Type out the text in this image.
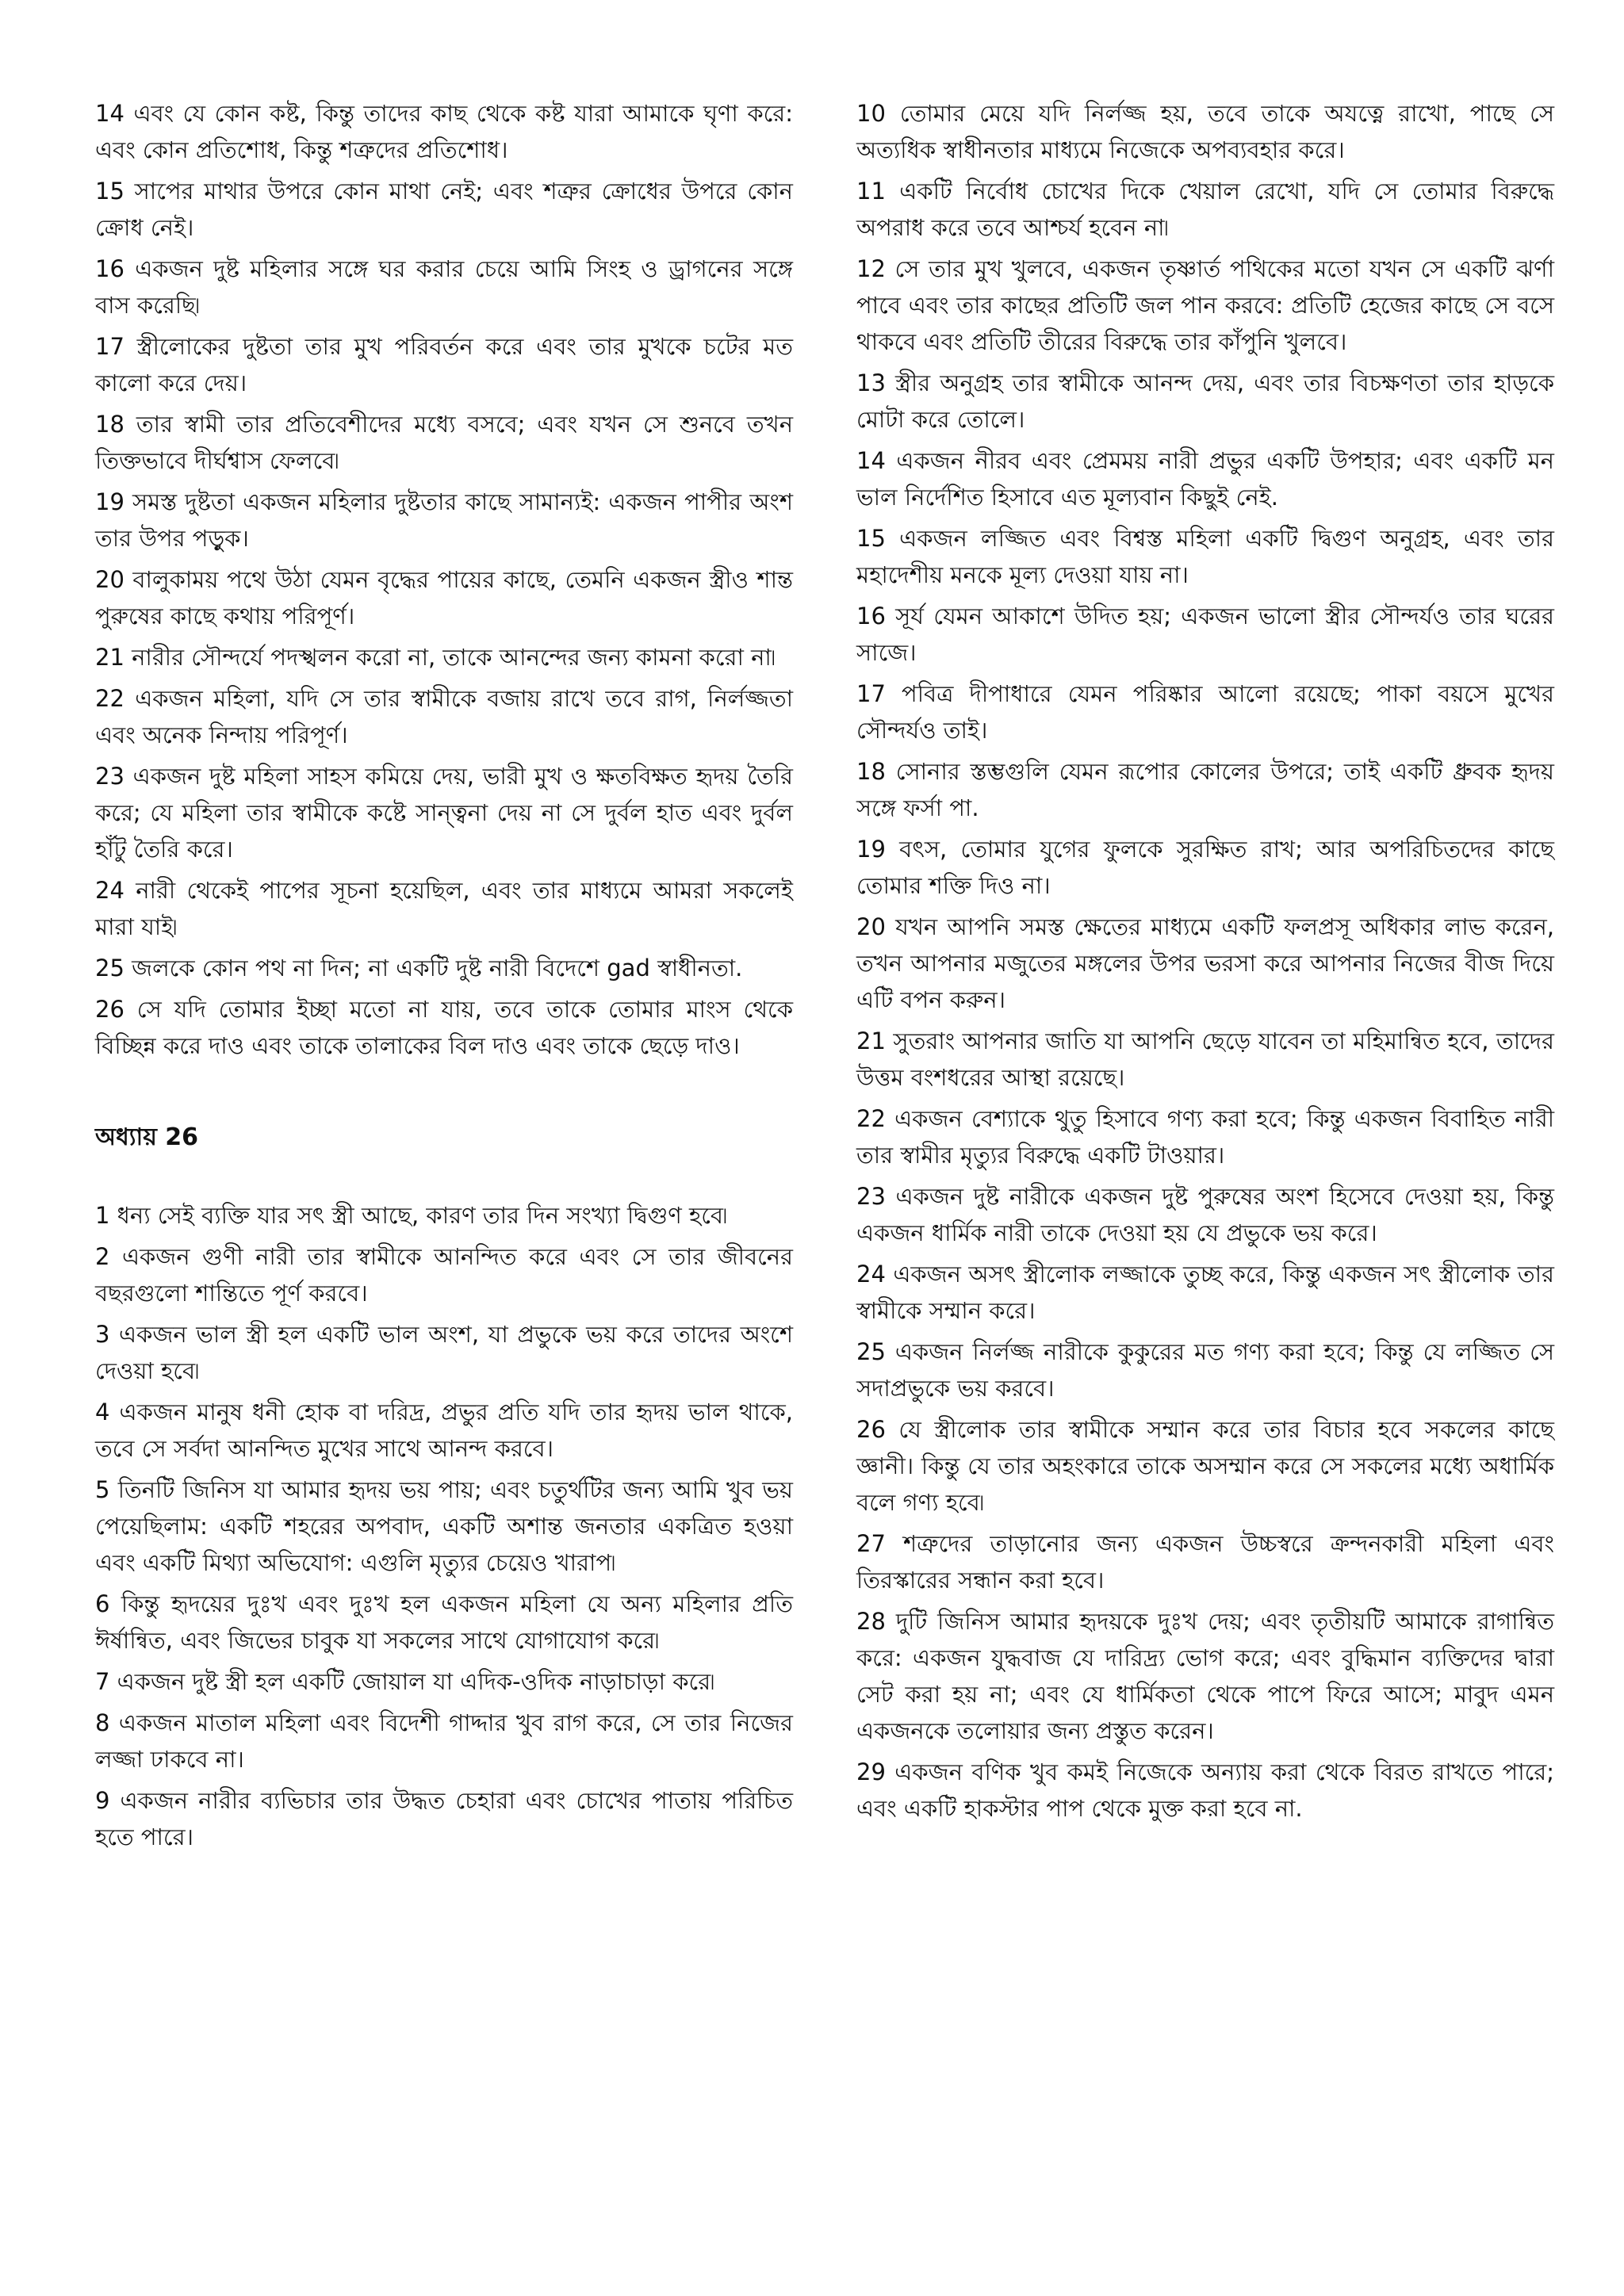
14 এবং যে কোন কষ্ট, কিন্তু তাদের কাছ থেকে কষ্ট যারা আমাকে ঘৃণা করে: এবং কোন প্রতিশোধ, কিন্তু শত্রুদের প্রতিশোধ।

15 সাপের মাথার উপরে কোন মাথা নেই; এবং শত্রুর ক্রোধের উপরে কোন ক্রোধ নেই।

16 একজন দুষ্ট মহিলার সঙ্গে ঘর করার চেয়ে আমি সিংহ ও ড্রাগনের সঙ্গে বাস করেছি৷

17 স্ত্রীলোকের দুষ্টতা তার মুখ পরিবর্তন করে এবং তার মুখকে চটের মত কালো করে দেয়।

18 তার স্বামী তার প্রতিবেশীদের মধ্যে বসবে; এবং যখন সে শুনবে তখন তিক্তভাবে দীর্ঘশ্বাস ফেলবে৷

19 সমস্ত দুষ্টতা একজন মহিলার দুষ্টতার কাছে সামান্যই: একজন পাপীর অংশ তার উপর পড়ুক।

20 বালুকাময় পথে উঠা যেমন বৃদ্ধের পায়ের কাছে, তেমনি একজন স্ত্রীও শান্ত পুরুষের কাছে কথায় পরিপূর্ণ।

21 নারীর সৌন্দর্যে পদস্খলন করো না, তাকে আনন্দের জন্য কামনা করো না৷

22 একজন মহিলা, যদি সে তার স্বামীকে বজায় রাখে তবে রাগ, নির্লজ্জতা এবং অনেক নিন্দায় পরিপূর্ণ।

23 একজন দুষ্ট মহিলা সাহস কমিয়ে দেয়, ভারী মুখ ও ক্ষতবিক্ষত হৃদয় তৈরি করে; যে মহিলা তার স্বামীকে কষ্টে সান্ত্বনা দেয় না সে দুর্বল হাত এবং দুর্বল হাঁটু তৈরি করে।

24 নারী থেকেই পাপের সূচনা হয়েছিল, এবং তার মাধ্যমে আমরা সকলেই মারা যাই৷

25 জলকে কোন পথ না দিন; না একটি দুষ্ট নারী বিদেশে gad স্বাধীনতা.

26 সে যদি তোমার ইচ্ছা মতো না যায়, তবে তাকে তোমার মাংস থেকে বিচ্ছিন্ন করে দাও এবং তাকে তালাকের বিল দাও এবং তাকে ছেড়ে দাও।

অধ্যায় 26

1 ধন্য সেই ব্যক্তি যার সৎ স্ত্রী আছে, কারণ তার দিন সংখ্যা দ্বিগুণ হবে৷

2 একজন গুণী নারী তার স্বামীকে আনন্দিত করে এবং সে তার জীবনের বছরগুলো শান্তিতে পূর্ণ করবে।

3 একজন ভাল স্ত্রী হল একটি ভাল অংশ, যা প্রভুকে ভয় করে তাদের অংশে দেওয়া হবে৷

4 একজন মানুষ ধনী হোক বা দরিদ্র, প্রভুর প্রতি যদি তার হৃদয় ভাল থাকে, তবে সে সর্বদা আনন্দিত মুখের সাথে আনন্দ করবে।

5 তিনটি জিনিস যা আমার হৃদয় ভয় পায়; এবং চতুর্থটির জন্য আমি খুব ভয় পেয়েছিলাম: একটি শহরের অপবাদ, একটি অশান্ত জনতার একত্রিত হওয়া এবং একটি মিথ্যা অভিযোগ: এগুলি মৃত্যুর চেয়েও খারাপ৷

6 কিন্তু হৃদয়ের দুঃখ এবং দুঃখ হল একজন মহিলা যে অন্য মহিলার প্রতি ঈর্ষান্বিত, এবং জিভের চাবুক যা সকলের সাথে যোগাযোগ করে৷

7 একজন দুষ্ট স্ত্রী হল একটি জোয়াল যা এদিক-ওদিক নাড়াচাড়া করে৷

8 একজন মাতাল মহিলা এবং বিদেশী গাদ্দার খুব রাগ করে, সে তার নিজের লজ্জা ঢাকবে না।

9 একজন নারীর ব্যভিচার তার উদ্ধত চেহারা এবং চোখের পাতায় পরিচিত হতে পারে।

10 তোমার মেয়ে যদি নির্লজ্জ হয়, তবে তাকে অযত্নে রাখো, পাছে সে অত্যধিক স্বাধীনতার মাধ্যমে নিজেকে অপব্যবহার করে।

11 একটি নির্বোধ চোখের দিকে খেয়াল রেখো, যদি সে তোমার বিরুদ্ধে অপরাধ করে তবে আশ্চর্য হবেন না৷

12 সে তার মুখ খুলবে, একজন তৃষ্ণার্ত পথিকের মতো যখন সে একটি ঝর্ণা পাবে এবং তার কাছের প্রতিটি জল পান করবে: প্রতিটি হেজের কাছে সে বসে থাকবে এবং প্রতিটি তীরের বিরুদ্ধে তার কাঁপুনি খুলবে।

13 স্ত্রীর অনুগ্রহ তার স্বামীকে আনন্দ দেয়, এবং তার বিচক্ষণতা তার হাড়কে মোটা করে তোলে।

14 একজন নীরব এবং প্রেমময় নারী প্রভুর একটি উপহার; এবং একটি মন ভাল নির্দেশিত হিসাবে এত মূল্যবান কিছুই নেই.

15 একজন লজ্জিত এবং বিশ্বস্ত মহিলা একটি দ্বিগুণ অনুগ্রহ, এবং তার মহাদেশীয় মনকে মূল্য দেওয়া যায় না।

16 সূর্য যেমন আকাশে উদিত হয়; একজন ভালো স্ত্রীর সৌন্দর্যও তার ঘরের সাজে।

17 পবিত্র দীপাধারে যেমন পরিষ্কার আলো রয়েছে; পাকা বয়সে মুখের সৌন্দর্যও তাই।

18 সোনার স্তম্ভগুলি যেমন রূপোর কোলের উপরে; তাই একটি ধ্রুবক হৃদয় সঙ্গে ফর্সা পা.

19 বৎস, তোমার যুগের ফুলকে সুরক্ষিত রাখ; আর অপরিচিতদের কাছে তোমার শক্তি দিও না।

20 যখন আপনি সমস্ত ক্ষেতের মাধ্যমে একটি ফলপ্রসূ অধিকার লাভ করেন, তখন আপনার মজুতের মঙ্গলের উপর ভরসা করে আপনার নিজের বীজ দিয়ে এটি বপন করুন।

21 সুতরাং আপনার জাতি যা আপনি ছেড়ে যাবেন তা মহিমান্বিত হবে, তাদের উত্তম বংশধরের আস্থা রয়েছে।

22 একজন বেশ্যাকে থুতু হিসাবে গণ্য করা হবে; কিন্তু একজন বিবাহিত নারী তার স্বামীর মৃত্যুর বিরুদ্ধে একটি টাওয়ার।

23 একজন দুষ্ট নারীকে একজন দুষ্ট পুরুষের অংশ হিসেবে দেওয়া হয়, কিন্তু একজন ধার্মিক নারী তাকে দেওয়া হয় যে প্রভুকে ভয় করে।

24 একজন অসৎ স্ত্রীলোক লজ্জাকে তুচ্ছ করে, কিন্তু একজন সৎ স্ত্রীলোক তার স্বামীকে সম্মান করে।

25 একজন নির্লজ্জ নারীকে কুকুরের মত গণ্য করা হবে; কিন্তু যে লজ্জিত সে সদাপ্রভুকে ভয় করবে।

26 যে স্ত্রীলোক তার স্বামীকে সম্মান করে তার বিচার হবে সকলের কাছে জ্ঞানী। কিন্তু যে তার অহংকারে তাকে অসম্মান করে সে সকলের মধ্যে অধার্মিক বলে গণ্য হবে৷

27 শত্রুদের তাড়ানোর জন্য একজন উচ্চস্বরে ক্রন্দনকারী মহিলা এবং তিরস্কারের সন্ধান করা হবে।

28 দুটি জিনিস আমার হৃদয়কে দুঃখ দেয়; এবং তৃতীয়টি আমাকে রাগান্বিত করে: একজন যুদ্ধবাজ যে দারিদ্র্য ভোগ করে; এবং বুদ্ধিমান ব্যক্তিদের দ্বারা সেট করা হয় না; এবং যে ধার্মিকতা থেকে পাপে ফিরে আসে; মাবুদ এমন একজনকে তলোয়ার জন্য প্রস্তুত করেন।

29 একজন বণিক খুব কমই নিজেকে অন্যায় করা থেকে বিরত রাখতে পারে; এবং একটি হাকস্টার পাপ থেকে মুক্ত করা হবে না.
